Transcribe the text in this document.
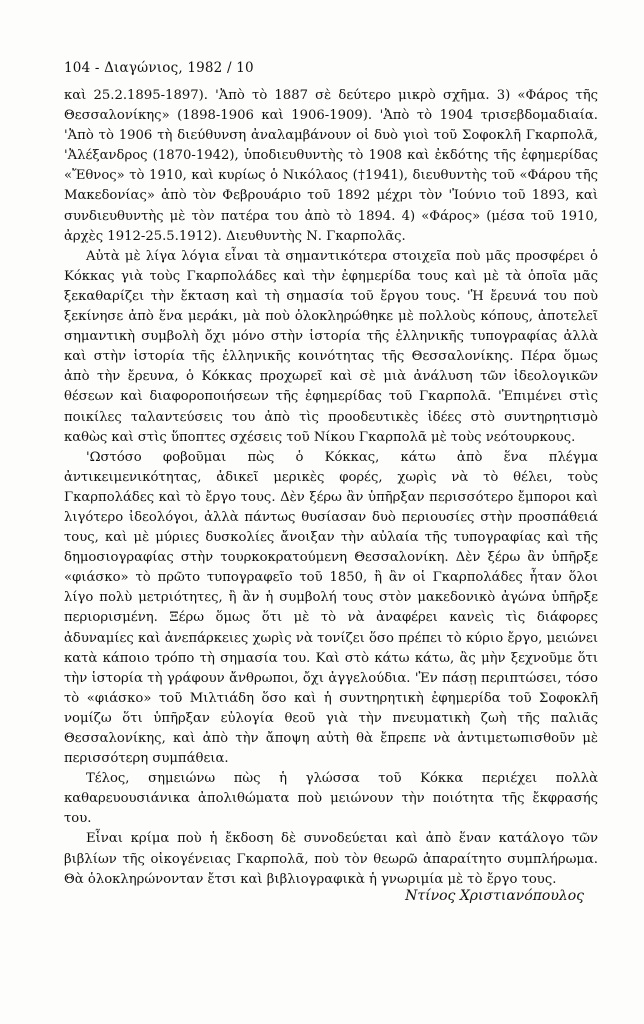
104 - Διαγώνιος, 1982 / 10

καὶ 25.2.1895-1897). 'Ἀπὸ τὸ 1887 σὲ δεύτερο μικρὸ σχῆμα. 3) «Φάρος τῆς Θεσσαλονίκης» (1898-1906 καὶ 1906-1909). 'Ἀπὸ τὸ 1904 τρισεβδομαδιαία. 'Ἀπὸ τὸ 1906 τὴ διεύθυνση ἀναλαμβάνουν οἱ δυὸ γιοὶ τοῦ Σοφοκλῆ Γκαρπολᾶ, 'Ἀλέξανδρος (1870-1942), ὑποδιευθυντὴς τὸ 1908 καὶ ἐκδότης τῆς ἐφημερίδας «Ἔθνος» τὸ 1910, καὶ κυρίως ὁ Νικόλαος (†1941), διευθυντὴς τοῦ «Φάρου τῆς Μακεδονίας» ἀπὸ τὸν Φεβρουάριο τοῦ 1892 μέχρι τὸν 'Ἰούνιο τοῦ 1893, καὶ συνδιευθυντὴς μὲ τὸν πατέρα του ἀπὸ τὸ 1894. 4) «Φάρος» (μέσα τοῦ 1910, ἀρχὲς 1912-25.5.1912). Διευθυντὴς Ν. Γκαρπολᾶς.

Αὐτὰ μὲ λίγα λόγια εἶναι τὰ σημαντικότερα στοιχεῖα ποὺ μᾶς προσφέρει ὁ Κόκκας γιὰ τοὺς Γκαρπολάδες καὶ τὴν ἐφημερίδα τους καὶ μὲ τὰ ὁποῖα μᾶς ξεκαθαρίζει τὴν ἔκταση καὶ τὴ σημασία τοῦ ἔργου τους. 'Ἡ ἔρευνά του ποὺ ξεκίνησε ἀπὸ ἕνα μεράκι, μὰ ποὺ ὁλοκληρώθηκε μὲ πολλοὺς κόπους, ἀποτελεῖ σημαντικὴ συμβολὴ ὄχι μόνο στὴν ἱστορία τῆς ἑλληνικῆς τυπογραφίας ἀλλὰ καὶ στὴν ἱστορία τῆς ἑλληνικῆς κοινότητας τῆς Θεσσαλονίκης. Πέρα ὅμως ἀπὸ τὴν ἔρευνα, ὁ Κόκκας προχωρεῖ καὶ σὲ μιὰ ἀνάλυση τῶν ἰδεολογικῶν θέσεων καὶ διαφοροποιήσεων τῆς ἐφημερίδας τοῦ Γκαρπολᾶ. 'Ἐπιμένει στὶς ποικίλες ταλαντεύσεις του ἀπὸ τὶς προοδευτικὲς ἰδέες στὸ συντηρητισμὸ καθὼς καὶ στὶς ὕποπτες σχέσεις τοῦ Νίκου Γκαρπολᾶ μὲ τοὺς νεότουρκους.

'Ωστόσο φοβοῦμαι πὼς ὁ Κόκκας, κάτω ἀπὸ ἕνα πλέγμα ἀντικειμενικότητας, ἀδικεῖ μερικὲς φορές, χωρὶς νὰ τὸ θέλει, τοὺς Γκαρπολάδες καὶ τὸ ἔργο τους. Δὲν ξέρω ἂν ὑπῆρξαν περισσότερο ἔμποροι καὶ λιγότερο ἰδεολόγοι, ἀλλὰ πάντως θυσίασαν δυὸ περιουσίες στὴν προσπάθειά τους, καὶ μὲ μύριες δυσκολίες ἄνοιξαν τὴν αὐλαία τῆς τυπογραφίας καὶ τῆς δημοσιογραφίας στὴν τουρκοκρατούμενη Θεσσαλονίκη. Δὲν ξέρω ἂν ὑπῆρξε «φιάσκο» τὸ πρῶτο τυπογραφεῖο τοῦ 1850, ἢ ἂν οἱ Γκαρπολάδες ἦταν ὅλοι λίγο πολὺ μετριότητες, ἢ ἂν ἡ συμβολή τους στὸν μακεδονικὸ ἀγώνα ὑπῆρξε περιορισμένη. Ξέρω ὅμως ὅτι μὲ τὸ νὰ ἀναφέρει κανεὶς τὶς διάφορες ἀδυναμίες καὶ ἀνεπάρκειες χωρὶς νὰ τονίζει ὅσο πρέπει τὸ κύριο ἔργο, μειώνει κατὰ κάποιο τρόπο τὴ σημασία του. Καὶ στὸ κάτω κάτω, ἂς μὴν ξεχνοῦμε ὅτι τὴν ἱστορία τὴ γράφουν ἄνθρωποι, ὄχι ἀγγελούδια. 'Ἐν πάσῃ περιπτώσει, τόσο τὸ «φιάσκο» τοῦ Μιλτιάδη ὅσο καὶ ἡ συντηρητικὴ ἐφημερίδα τοῦ Σοφοκλῆ νομίζω ὅτι ὑπῆρξαν εὐλογία θεοῦ γιὰ τὴν πνευματικὴ ζωὴ τῆς παλιᾶς Θεσσαλονίκης, καὶ ἀπὸ τὴν ἄποψη αὐτὴ θὰ ἔπρεπε νὰ ἀντιμετωπισθοῦν μὲ περισσότερη συμπάθεια.

Τέλος, σημειώνω πὼς ἡ γλώσσα τοῦ Κόκκα περιέχει πολλὰ καθαρευουσιάνικα ἀπολιθώματα ποὺ μειώνουν τὴν ποιότητα τῆς ἔκφρασής του.

Εἶναι κρίμα ποὺ ἡ ἔκδοση δὲ συνοδεύεται καὶ ἀπὸ ἕναν κατάλογο τῶν βιβλίων τῆς οἰκογένειας Γκαρπολᾶ, ποὺ τὸν θεωρῶ ἀπαραίτητο συμπλήρωμα. Θὰ ὁλοκληρώνονταν ἔτσι καὶ βιβλιογραφικὰ ἡ γνωριμία μὲ τὸ ἔργο τους.

Ντίνος Χριστιανόπουλος
